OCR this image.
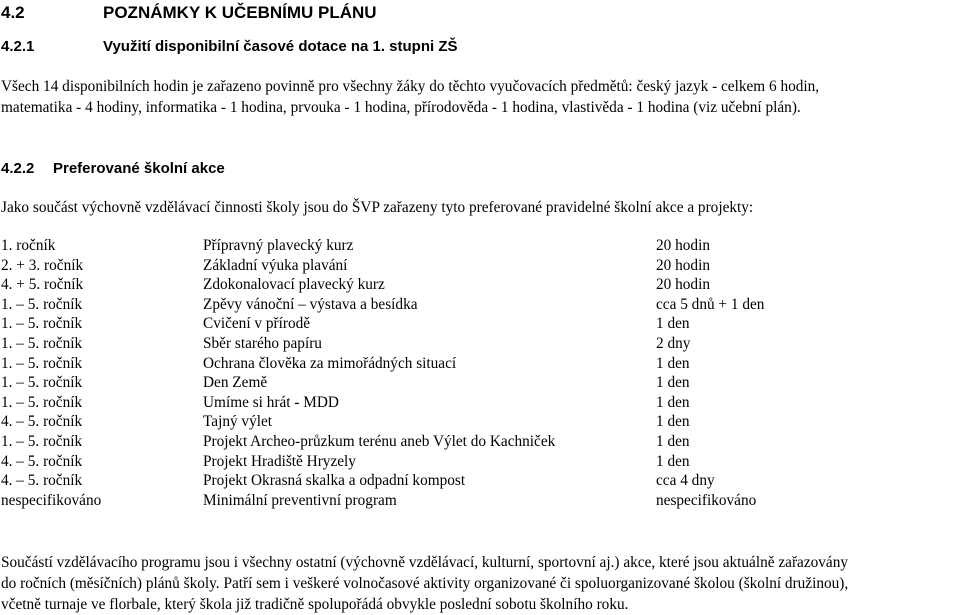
4.2	POZNÁMKY K UČEBNÍMU PLÁNU
4.2.1	Využití disponibilní časové dotace na 1. stupni ZŠ
Všech 14 disponibilních hodin je zařazeno povinně pro všechny žáky do těchto vyučovacích předmětů: český jazyk - celkem 6 hodin,
matematika - 4 hodiny, informatika - 1 hodina, prvouka - 1 hodina, přírodověda - 1 hodina, vlastivěda - 1 hodina (viz učební plán).
4.2.2 Preferované školní akce
Jako součást výchovně vzdělávací činnosti školy jsou do ŠVP zařazeny tyto preferované pravidelné školní akce a projekty:
1. ročník	Přípravný plavecký kurz	20 hodin
2. + 3. ročník	Základní výuka plavání	20 hodin
4. + 5. ročník	Zdokonalovací plavecký kurz	20 hodin
1. – 5. ročník	Zpěvy vánoční – výstava a besídka	cca 5 dnů + 1 den
1. – 5. ročník	Cvičení v přírodě	1 den
1. – 5. ročník	Sběr starého papíru	2 dny
1. – 5. ročník	Ochrana člověka za mimořádných situací	1 den
1. – 5. ročník	Den Země	1 den
1. – 5. ročník	Umíme si hrát - MDD	1 den
4. – 5. ročník	Tajný výlet	1 den
1. – 5. ročník	Projekt Archeo-průzkum terénu aneb Výlet do Kachniček	1 den
4. – 5. ročník	Projekt Hradiště Hryzely	1 den
4. – 5. ročník	Projekt Okrasná skalka a odpadní kompost	cca 4 dny
nespecifikováno	Minimální preventivní program	nespecifikováno
Součástí vzdělávacího programu jsou i všechny ostatní (výchovně vzdělávací, kulturní, sportovní aj.) akce, které jsou aktuálně zařazovány
do ročních (měsíčních) plánů školy. Patří sem i veškeré volnočasové aktivity organizované či spoluorganizované školou (školní družinou),
včetně turnaje ve florbale, který škola již tradičně spolupořádá obvykle poslední sobotu školního roku.
